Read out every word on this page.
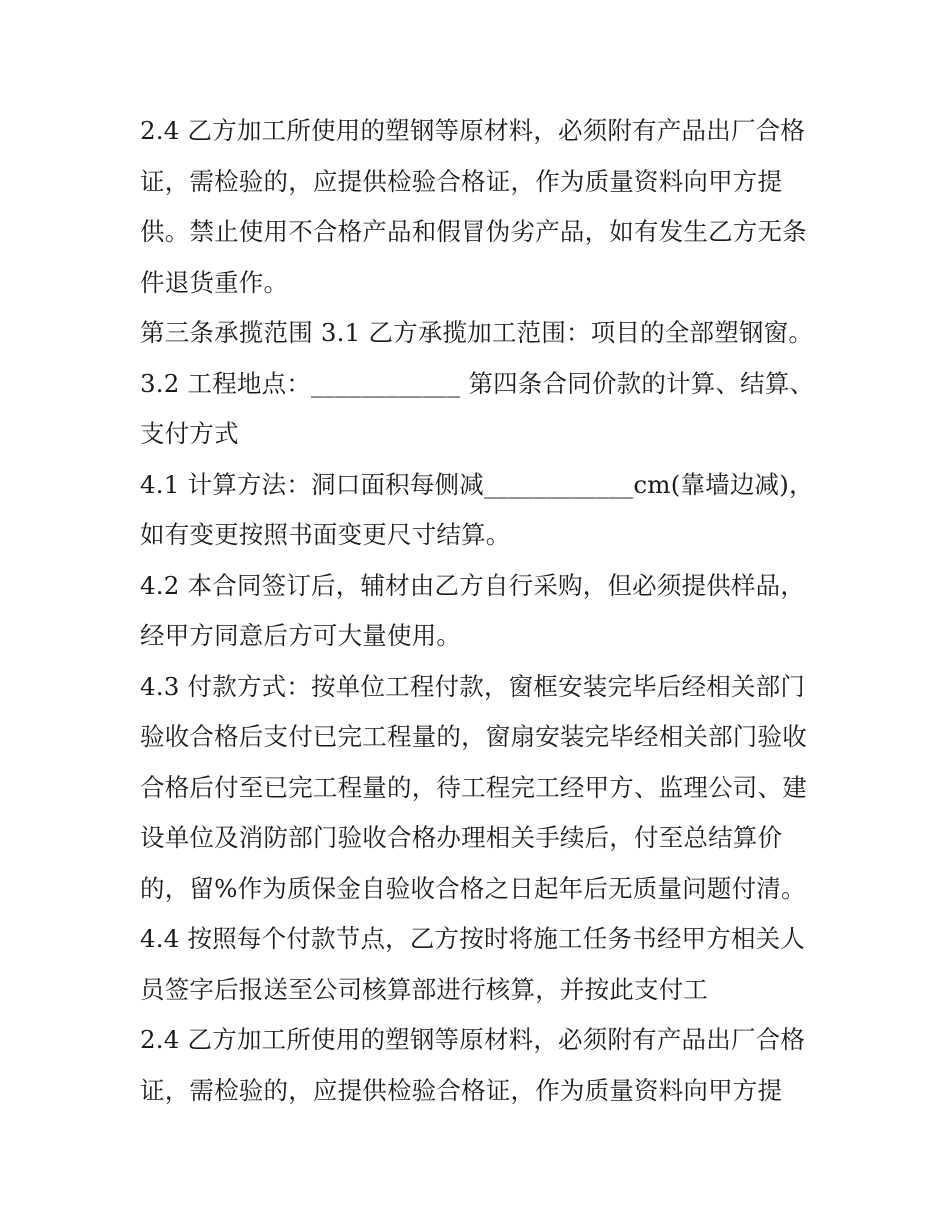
2.4 乙方加工所使用的塑钢等原材料，必须附有产品出厂合格证，需检验的，应提供检验合格证，作为质量资料向甲方提供。禁止使用不合格产品和假冒伪劣产品，如有发生乙方无条件退货重作。

第三条承揽范围 3.1 乙方承揽加工范围：项目的全部塑钢窗。

3.2 工程地点：____________ 第四条合同价款的计算、结算、支付方式

4.1 计算方法：洞口面积每侧减____________cm(靠墙边减)，如有变更按照书面变更尺寸结算。

4.2 本合同签订后，辅材由乙方自行采购，但必须提供样品，经甲方同意后方可大量使用。

4.3 付款方式：按单位工程付款，窗框安装完毕后经相关部门验收合格后支付已完工程量的，窗扇安装完毕经相关部门验收合格后付至已完工程量的，待工程完工经甲方、监理公司、建设单位及消防部门验收合格办理相关手续后，付至总结算价的，留%作为质保金自验收合格之日起年后无质量问题付清。

4.4 按照每个付款节点，乙方按时将施工任务书经甲方相关人员签字后报送至公司核算部进行核算，并按此支付工

2.4 乙方加工所使用的塑钢等原材料，必须附有产品出厂合格证，需检验的，应提供检验合格证，作为质量资料向甲方提
